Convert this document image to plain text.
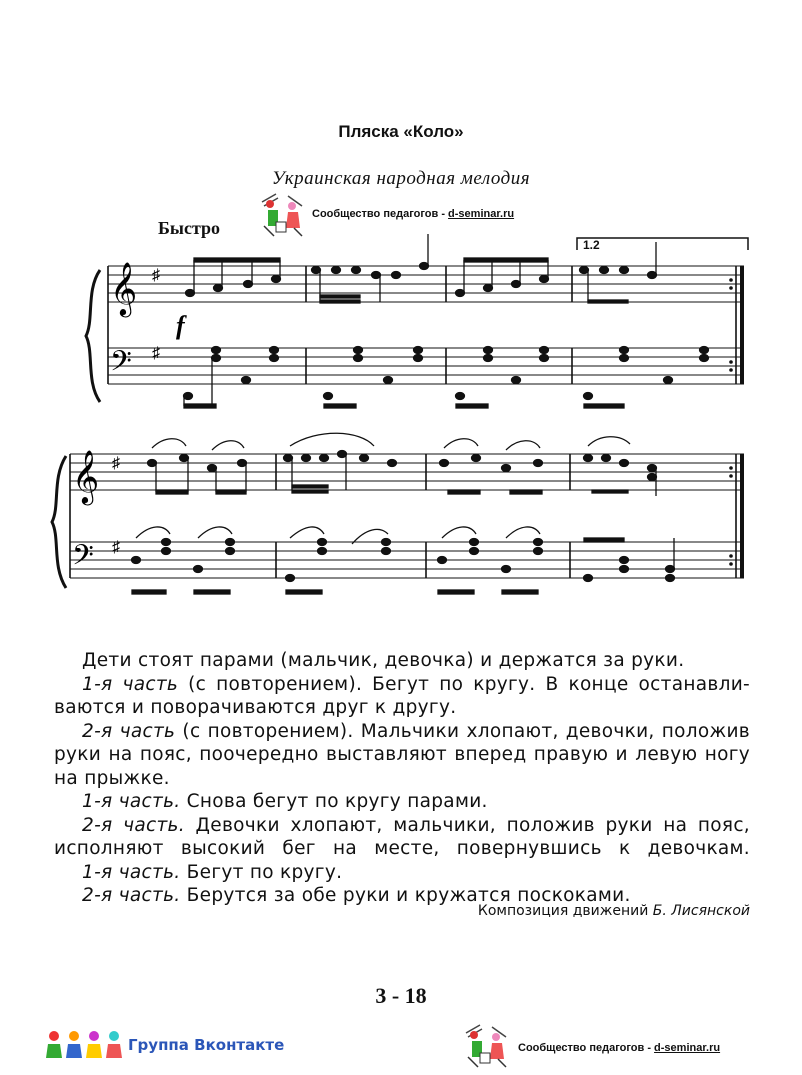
Пляска «Коло»
Украинская народная мелодия
Сообщество педагогов - d-seminar.ru
Быстро
1.2
𝄞
𝄢
♯
♯
f
𝄞
𝄢
♯
♯

Дети стоят парами (мальчик, девочка) и держатся за руки.

1-я часть (с повторением). Бегут по кругу. В конце останавли-

ваются и поворачиваются друг к другу.

2-я часть (с повторением). Мальчики хлопают, девочки, положив

руки на пояс, поочередно выставляют вперед правую и левую ногу

на прыжке.

1-я часть. Снова бегут по кругу парами.

2-я часть. Девочки хлопают, мальчики, положив руки на пояс,

исполняют высокий бег на месте, повернувшись к девочкам.

1-я часть. Бегут по кругу.

2-я часть. Берутся за обе руки и кружатся поскоками.

Композиция движений Б. Лисянской
3 - 18
Группа Вконтакте	Сообщество педагогов - d-seminar.ru
